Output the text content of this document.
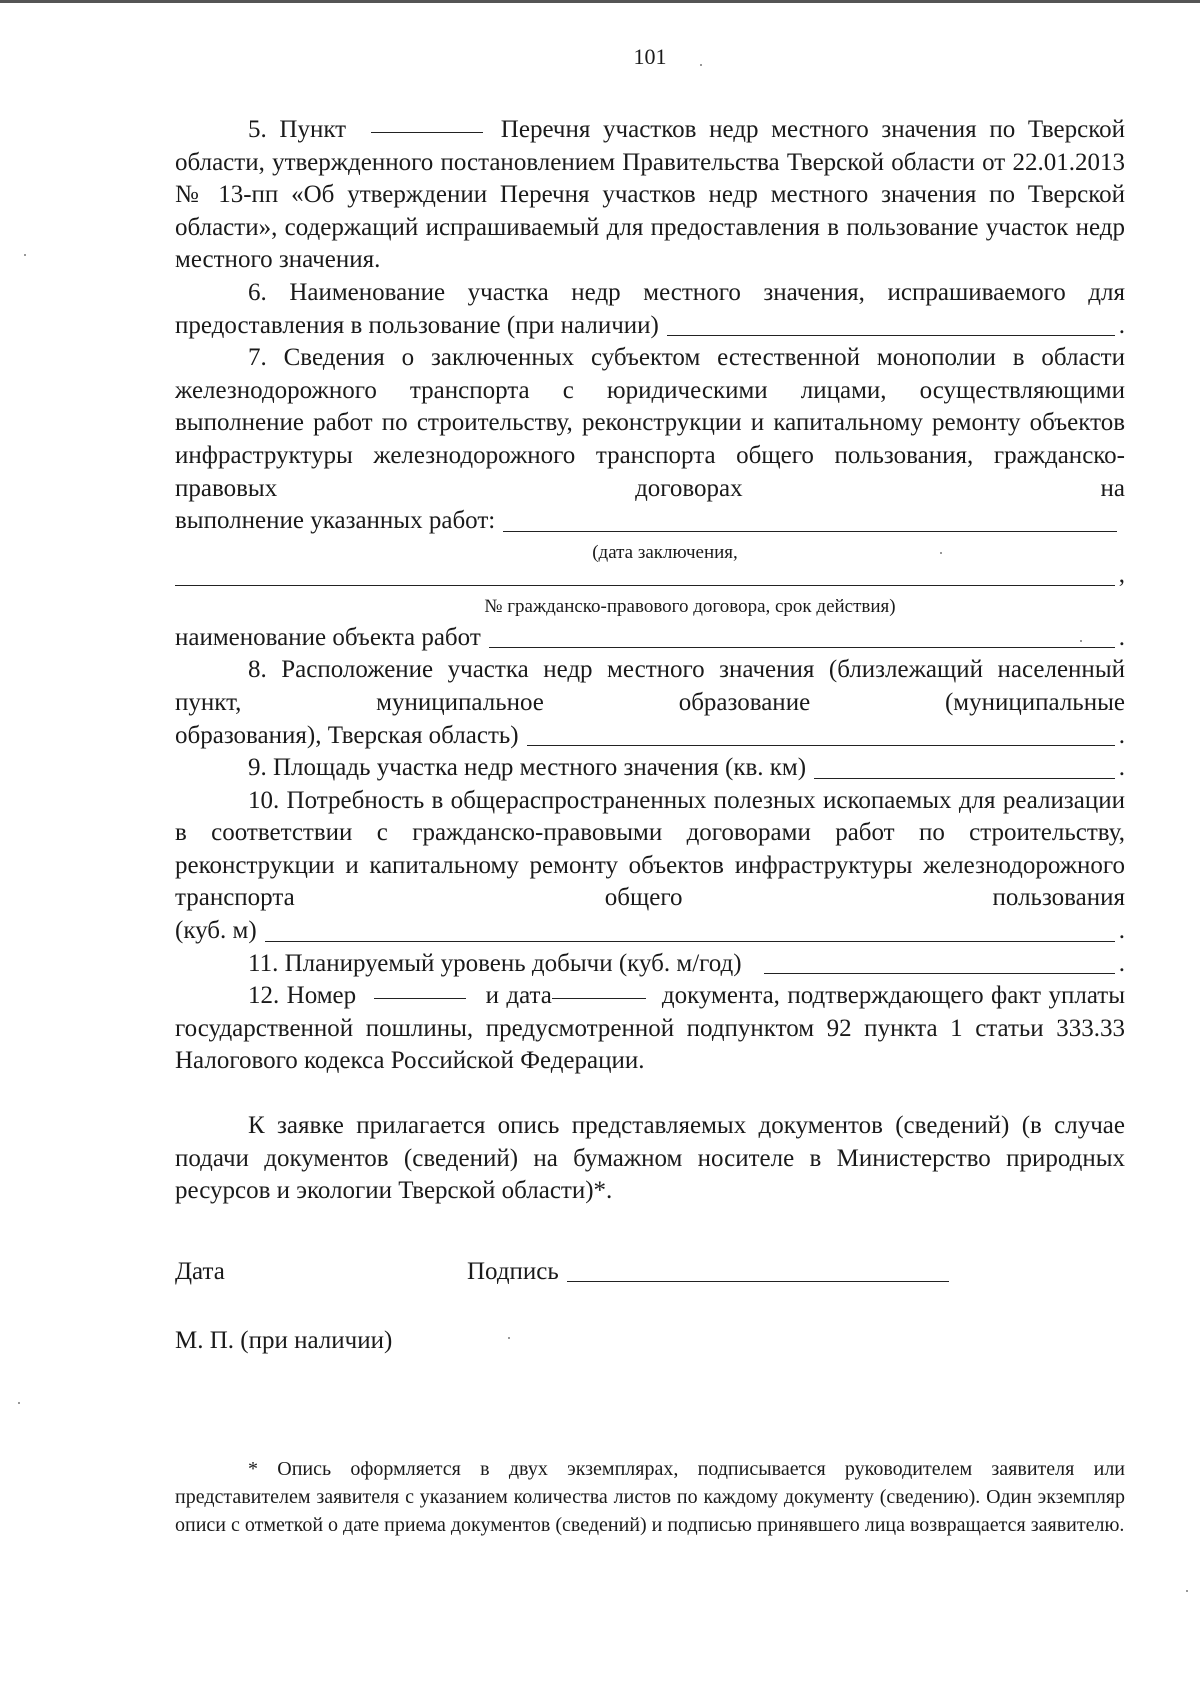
101

5. Пункт	Перечня участков недр местного значения по Тверской области, утвержденного постановлением Правительства Тверской области от 22.01.2013 № 13-пп «Об утверждении Перечня участков недр местного значения по Тверской области», содержащий испрашиваемый для предоставления в пользование участок недр местного значения.

6. Наименование участка недр местного значения, испрашиваемого для

предоставления в пользование (при наличии)	.

7. Сведения о заключенных субъектом естественной монополии в области железнодорожного транспорта с юридическими лицами, осуществляющими выполнение работ по строительству, реконструкции и капитальному ремонту объектов инфраструктуры железнодорожного транспорта общего пользования, гражданско-правовых договорах на

выполнение указанных работ:
(дата заключения,
,
№ гражданско-правового договора, срок действия)
наименование объекта работ	.

8. Расположение участка недр местного значения (близлежащий населенный пункт, муниципальное образование (муниципальные

образования), Тверская область)	.
9. Площадь участка недр местного значения (кв. км)	.

10. Потребность в общераспространенных полезных ископаемых для реализации в соответствии с гражданско-правовыми договорами работ по строительству, реконструкции и капитальному ремонту объектов инфраструктуры железнодорожного транспорта общего пользования

(куб. м)	.
11. Планируемый уровень добычи (куб. м/год)	.

12. Номер	и дата	документа, подтверждающего факт уплаты государственной пошлины, предусмотренной подпунктом 92 пункта 1 статьи 333.33 Налогового кодекса Российской Федерации.

К заявке прилагается опись представляемых документов (сведений) (в случае подачи документов (сведений) на бумажном носителе в Министерство природных ресурсов и экологии Тверской области)*.

Дата	Подпись
М. П. (при наличии)

* Опись оформляется в двух экземплярах, подписывается руководителем заявителя или представителем заявителя с указанием количества листов по каждому документу (сведению). Один экземпляр описи с отметкой о дате приема документов (сведений) и подписью принявшего лица возвращается заявителю.
